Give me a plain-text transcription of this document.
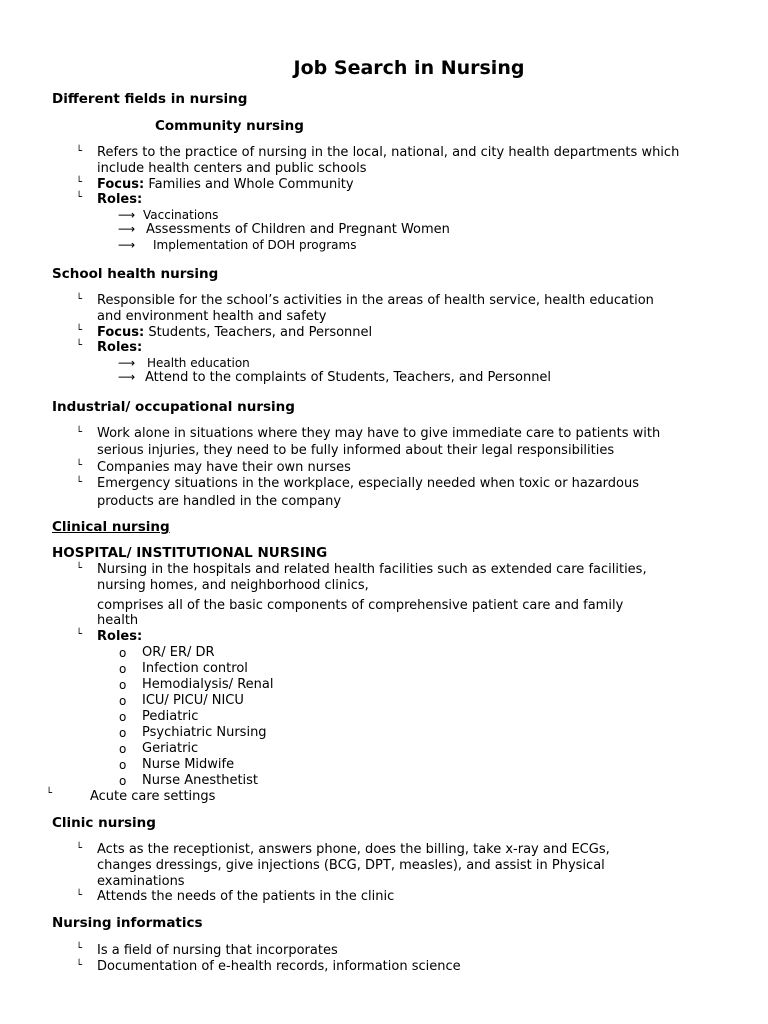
Job Search in Nursing
Different fields in nursing
Community nursing
└ Refers to the practice of nursing in the local, national, and city health departments which
include health centers and public schools
└ Focus: Families and Whole Community
└ Roles:
⟶ Vaccinations
⟶ Assessments of Children and Pregnant Women
⟶ Implementation of DOH programs
School health nursing
└ Responsible for the school’s activities in the areas of health service, health education
and environment health and safety
└ Focus: Students, Teachers, and Personnel
└ Roles:
⟶ Health education
⟶ Attend to the complaints of Students, Teachers, and Personnel
Industrial/ occupational nursing
└ Work alone in situations where they may have to give immediate care to patients with
serious injuries, they need to be fully informed about their legal responsibilities
└ Companies may have their own nurses
└ Emergency situations in the workplace, especially needed when toxic or hazardous
products are handled in the company
Clinical nursing
HOSPITAL/ INSTITUTIONAL NURSING
└ Nursing in the hospitals and related health facilities such as extended care facilities,
nursing homes, and neighborhood clinics,
comprises all of the basic components of comprehensive patient care and family
health
└ Roles:
o OR/ ER/ DR
o Infection control
o Hemodialysis/ Renal
o ICU/ PICU/ NICU
o Pediatric
o Psychiatric Nursing
o Geriatric
o Nurse Midwife
o Nurse Anesthetist
└	Acute care settings
Clinic nursing
└ Acts as the receptionist, answers phone, does the billing, take x-ray and ECGs,
changes dressings, give injections (BCG, DPT, measles), and assist in Physical
examinations
└ Attends the needs of the patients in the clinic
Nursing informatics
└ Is a field of nursing that incorporates
└ Documentation of e-health records, information science
